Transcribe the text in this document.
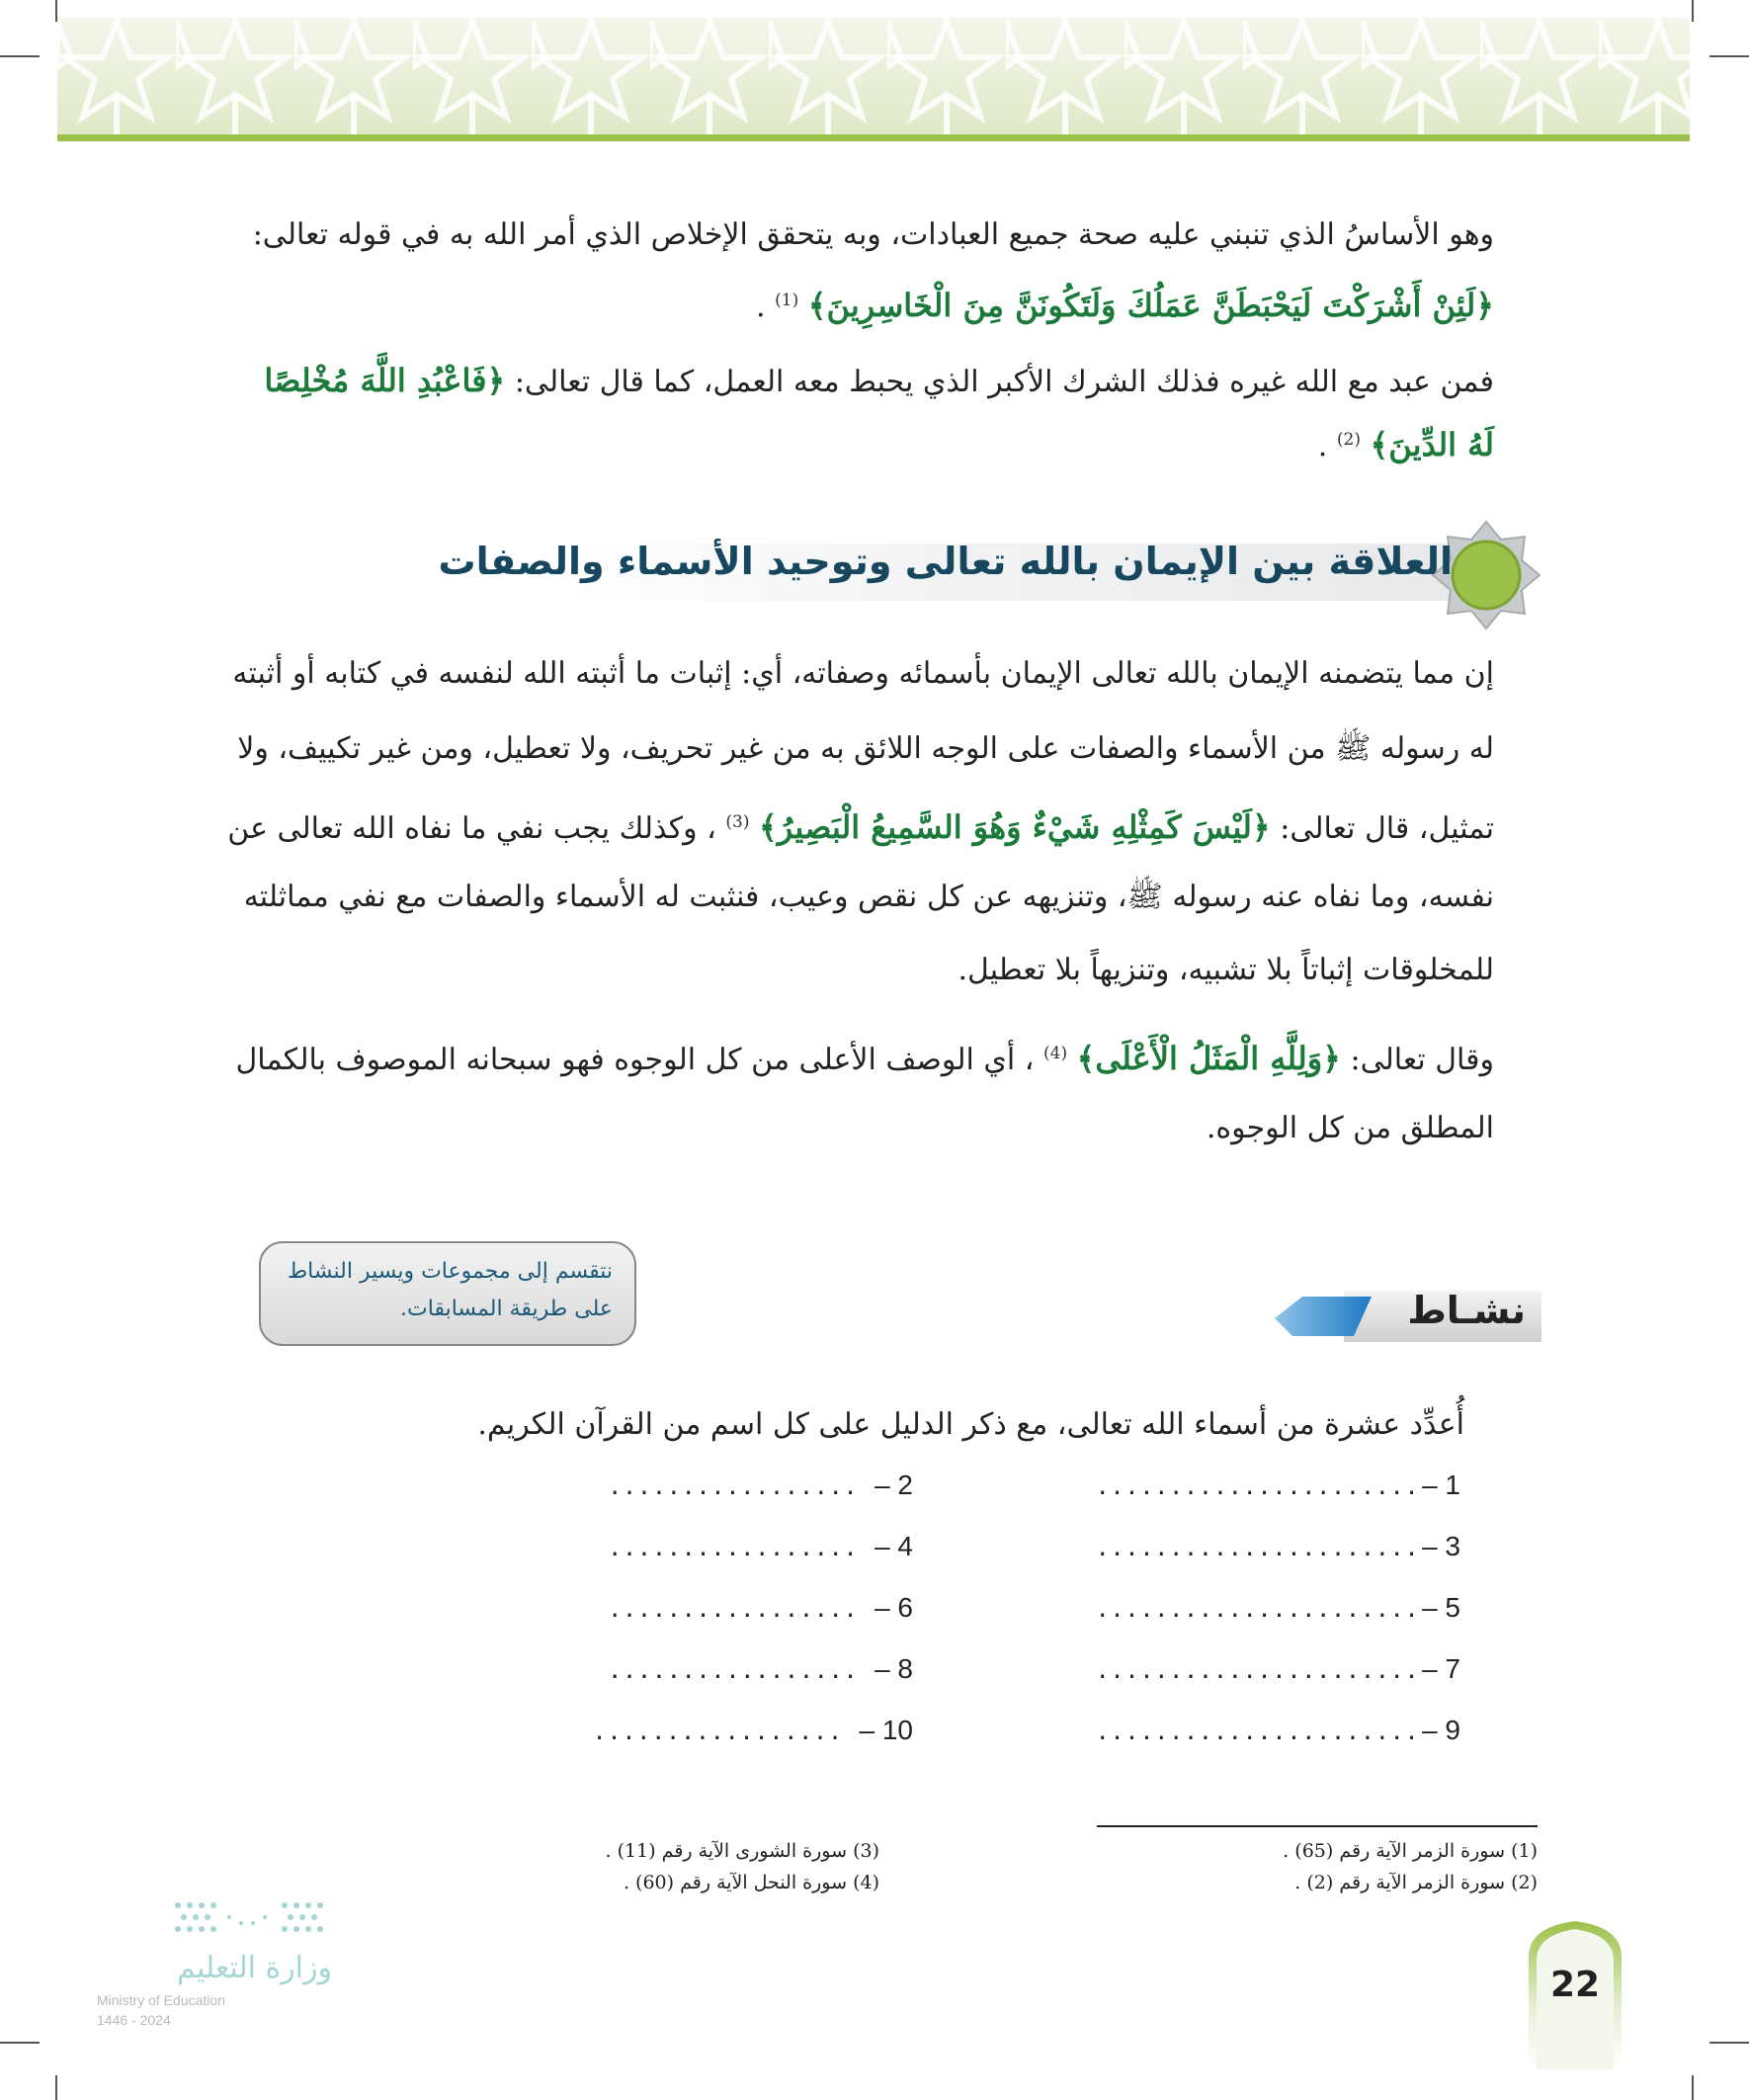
وهو الأساسُ الذي تنبني عليه صحة جميع العبادات، وبه يتحقق الإخلاص الذي أمر الله به في قوله تعالى:
﴿لَئِنْ أَشْرَكْتَ لَيَحْبَطَنَّ عَمَلُكَ وَلَتَكُونَنَّ مِنَ الْخَاسِرِينَ﴾ $^{(1)}$ .
فمن عبد مع الله غيره فذلك الشرك الأكبر الذي يحبط معه العمل، كما قال تعالى: ﴿فَاعْبُدِ اللَّهَ مُخْلِصًا
لَهُ الدِّينَ﴾ $^{(2)}$ .
العلاقة بين الإيمان بالله تعالى وتوحيد الأسماء والصفات
إن مما يتضمنه الإيمان بالله تعالى الإيمان بأسمائه وصفاته، أي: إثبات ما أثبته الله لنفسه في كتابه أو أثبته
له رسوله ﷺ من الأسماء والصفات على الوجه اللائق به من غير تحريف، ولا تعطيل، ومن غير تكييف، ولا
تمثيل، قال تعالى: ﴿لَيْسَ كَمِثْلِهِ شَيْءٌ وَهُوَ السَّمِيعُ الْبَصِيرُ﴾ $^{(3)}$ ، وكذلك يجب نفي ما نفاه الله تعالى عن
نفسه، وما نفاه عنه رسوله ﷺ، وتنزيهه عن كل نقص وعيب، فنثبت له الأسماء والصفات مع نفي مماثلته
للمخلوقات إثباتاً بلا تشبيه، وتنزيهاً بلا تعطيل.
وقال تعالى: ﴿وَلِلَّهِ الْمَثَلُ الْأَعْلَى﴾ $^{(4)}$ ، أي الوصف الأعلى من كل الوجوه فهو سبحانه الموصوف بالكمال
المطلق من كل الوجوه.
نتقسم إلى مجموعات ويسير النشاط
على طريقة المسابقات.	نشـاط
أُعدِّد عشرة من أسماء الله تعالى، مع ذكر الدليل على كل اسم من القرآن الكريم.
1 –......................
3 –......................
5 –......................
7 –......................
9 –......................
2 –.................
4 –.................
6 –.................
8 –.................
10 –.................
(1) سورة الزمر الآية رقم (65) .
(2) سورة الزمر الآية رقم (2) .
(3) سورة الشورى الآية رقم (11) .
(4) سورة النحل الآية رقم (60) .
وزارة التعليم
Ministry of Education
2024 - 1446
22
